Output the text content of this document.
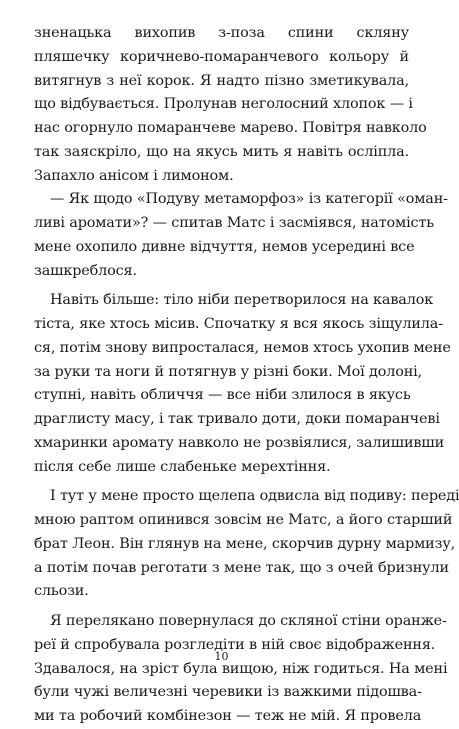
зненацька вихопив з-поза спини скляну
пляшечку коричнево-помаранчевого кольору й
витягнув з неї корок. Я надто пізно зметикувала,
що відбувається. Пролунав неголосний хлопок — і
нас огорнуло помаранчеве марево. Повітря навколо
так заяскріло, що на якусь мить я навіть осліпла.
Запахло анісом і лимоном.

— Як щодо «Подуву метаморфоз» із категорії «оман-
ливі аромати»? — спитав Матс і засміявся, натомість
мене охопило дивне відчуття, немов усередині все
зашкреблося.

Навіть більше: тіло ніби перетворилося на кавалок
тіста, яке хтось місив. Спочатку я вся якось зіщулила-
ся, потім знову випросталася, немов хтось ухопив мене
за руки та ноги й потягнув у різні боки. Мої долоні,
ступні, навіть обличчя — все ніби злилося в якусь
драглисту масу, і так тривало доти, доки помаранчеві
хмаринки аромату навколо не розвіялися, залишивши
після себе лише слабеньке мерехтіння.

І тут у мене просто щелепа одвисла від подиву: переді
мною раптом опинився зовсім не Матс, а його старший
брат Леон. Він глянув на мене, скорчив дурну мармизу,
а потім почав реготати з мене так, що з очей бризнули
сльози.

Я перелякано повернулася до скляної стіни оранже-
реї й спробувала розгледіти в ній своє відображення.
Здавалося, на зріст була вищою, ніж годиться. На мені
були чужі величезні черевики із важкими підошва-
ми та робочий комбінезон — теж не мій. Я провела

10
